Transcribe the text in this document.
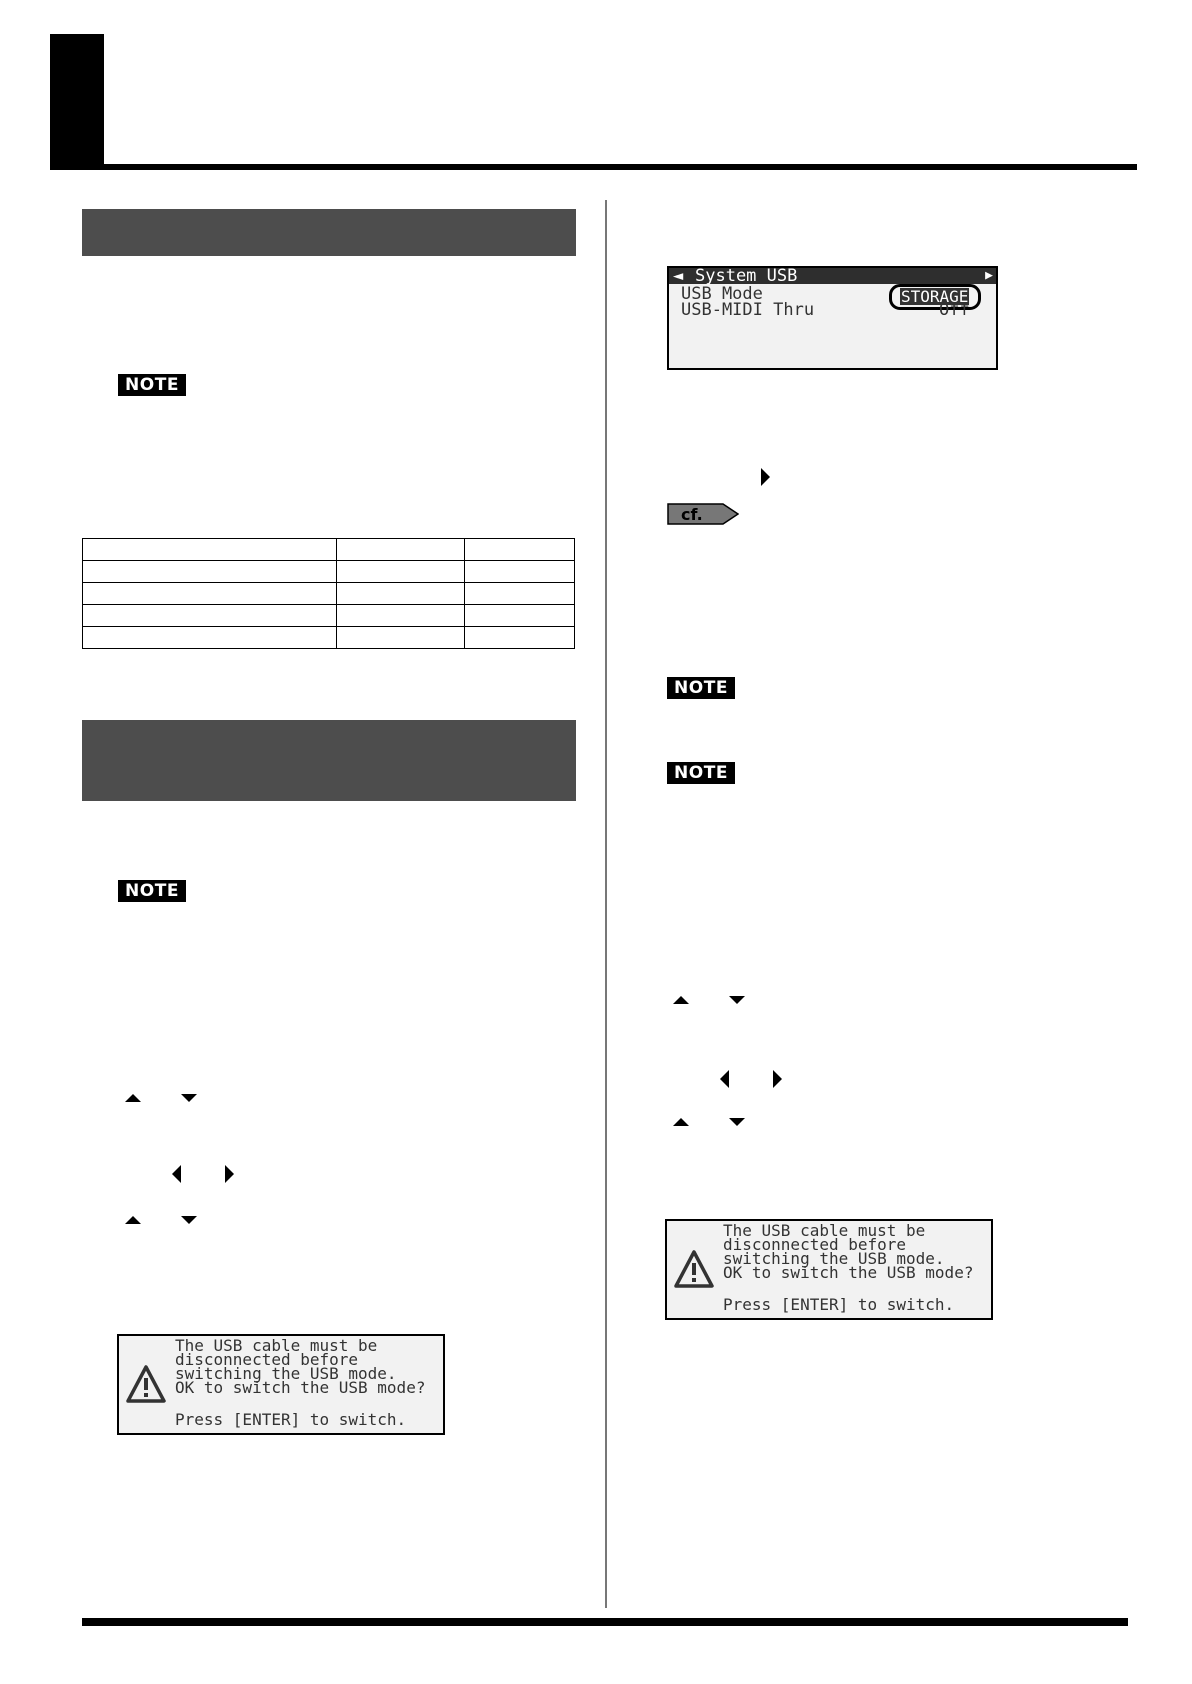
NOTE

NOTE
The USB cable must be
disconnected before
switching the USB mode.
OK to switch the USB mode?
Press [ENTER] to switch.
◄ System USB	▶
USB Mode	STORAGE
USB-MIDI Thru	Off
cf.
NOTE
NOTE
The USB cable must be
disconnected before
switching the USB mode.
OK to switch the USB mode?
Press [ENTER] to switch.
